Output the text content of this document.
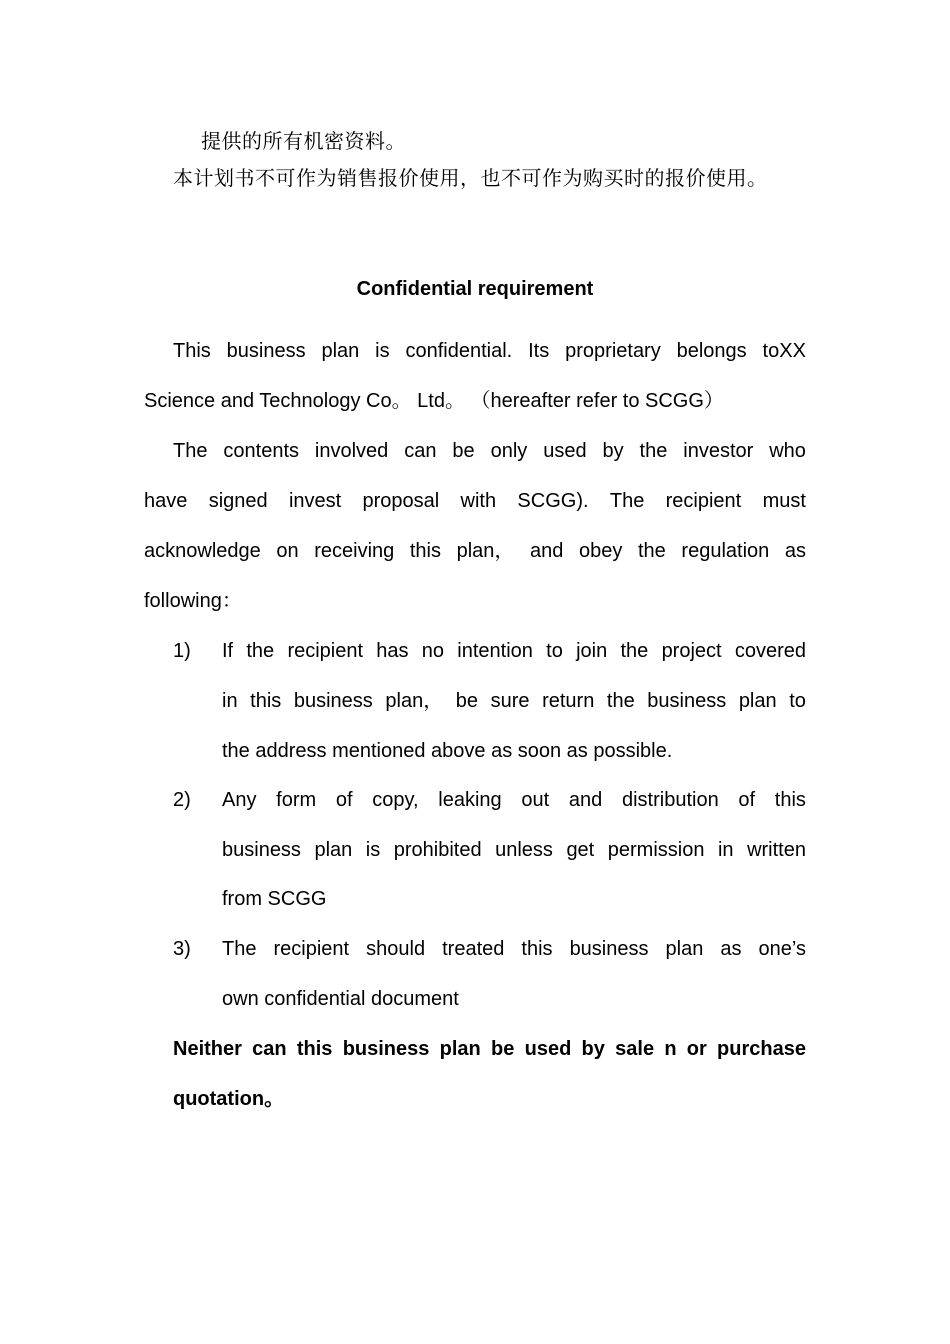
提供的所有机密资料。
本计划书不可作为销售报价使用，也不可作为购买时的报价使用。
Confidential requirement
This business plan is confidential. Its proprietary belongs toXX
Science and Technology Co。 Ltd。 （hereafter refer to SCGG）
The contents involved can be only used by the investor who
have signed invest proposal with SCGG). The recipient must
acknowledge on receiving this plan， and obey the regulation as
following：
1) If the recipient has no intention to join the project covered
in this business plan， be sure return the business plan to
the address mentioned above as soon as possible.
2) Any form of copy, leaking out and distribution of this
business plan is prohibited unless get permission in written
from SCGG
3) The recipient should treated this business plan as one’s
own confidential document
Neither can this business plan be used by sale n or purchase
quotation。
